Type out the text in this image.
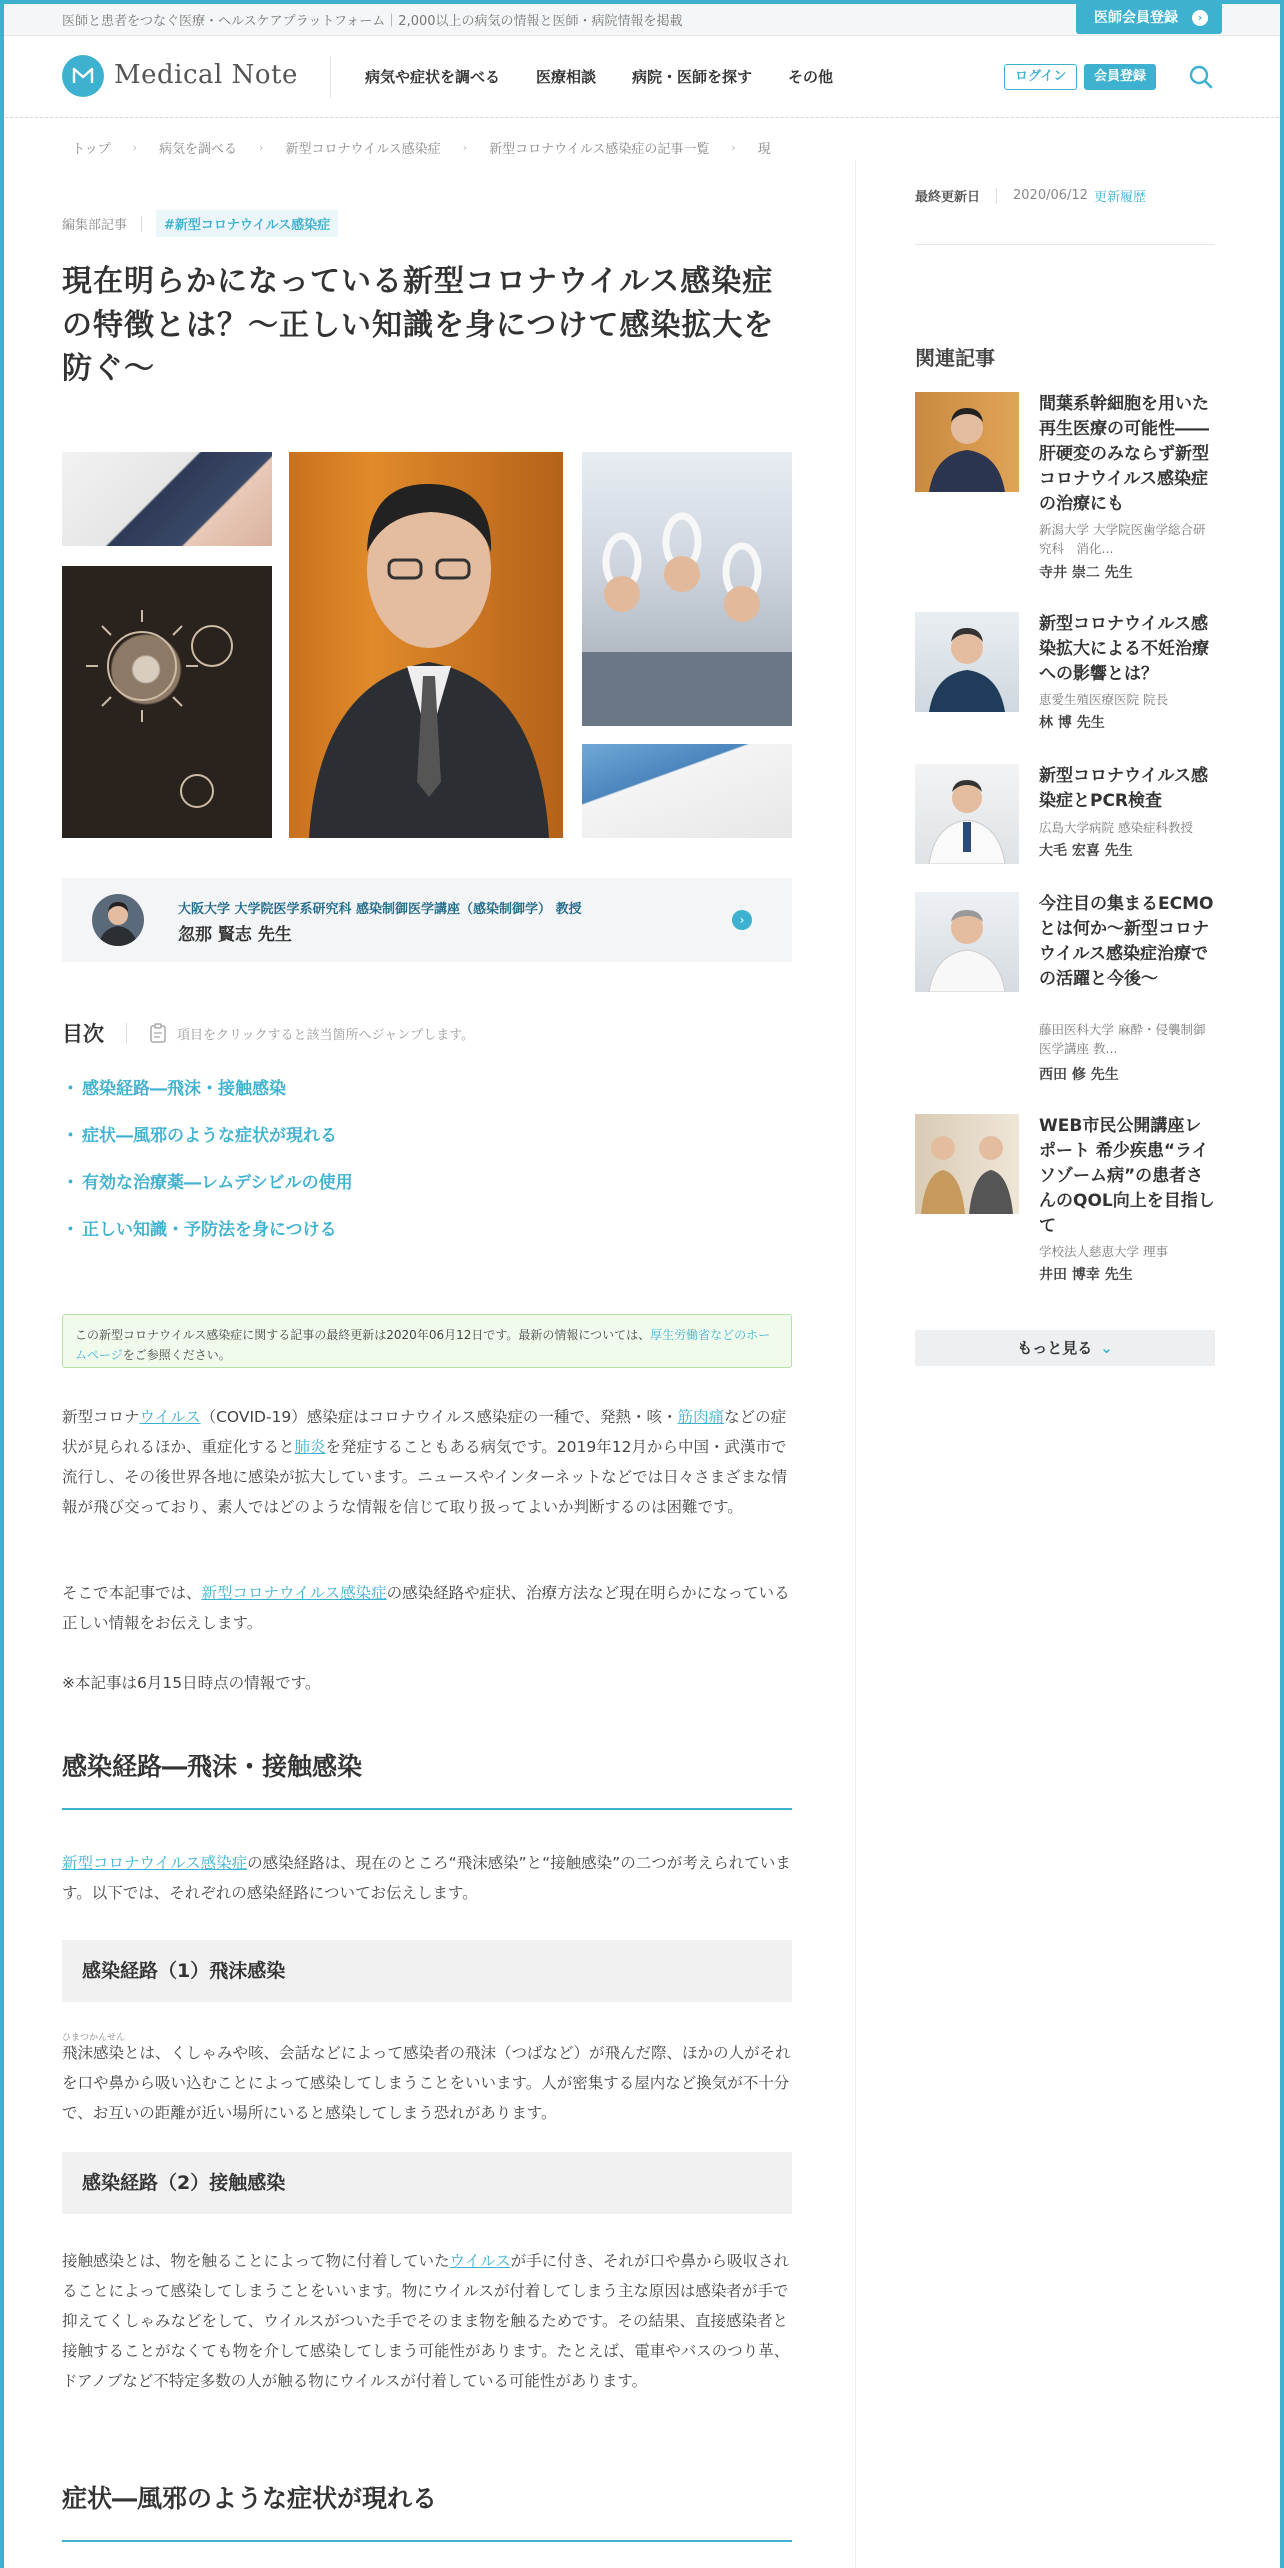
医師と患者をつなぐ医療・ヘルスケアプラットフォーム｜2,000以上の病気の情報と医師・病院情報を掲載	医師会員登録	›
Medical Note	病気や症状を調べる 医療相談 病院・医師を探す その他	ログイン	会員登録
トップ › 病気を調べる › 新型コロナウイルス感染症 › 新型コロナウイルス感染症の記事一覧 › 現
編集部記事	#新型コロナウイルス感染症
現在明らかになっている新型コロナウイルス感染症の特徴とは？〜正しい知識を身につけて感染拡大を防ぐ〜
大阪大学 大学院医学系研究科 感染制御医学講座（感染制御学） 教授
忽那 賢志 先生
›
目次	項目をクリックすると該当箇所へジャンプします。
・ 感染経路―飛沫・接触感染
・ 症状―風邪のような症状が現れる
・ 有効な治療薬―レムデシビルの使用
・ 正しい知識・予防法を身につける
この新型コロナウイルス感染症に関する記事の最終更新は2020年06月12日です。最新の情報については、厚生労働省などのホームページをご参照ください。

新型コロナウイルス（COVID-19）感染症はコロナウイルス感染症の一種で、発熱・咳・筋肉痛などの症状が見られるほか、重症化すると肺炎を発症することもある病気です。2019年12月から中国・武漢市で流行し、その後世界各地に感染が拡大しています。ニュースやインターネットなどでは日々さまざまな情報が飛び交っており、素人ではどのような情報を信じて取り扱ってよいか判断するのは困難です。

そこで本記事では、新型コロナウイルス感染症の感染経路や症状、治療方法など現在明らかになっている正しい情報をお伝えします。

※本記事は6月15日時点の情報です。

感染経路―飛沫・接触感染

新型コロナウイルス感染症の感染経路は、現在のところ“飛沫感染”と“接触感染”の二つが考えられています。以下では、それぞれの感染経路についてお伝えします。

感染経路（1）飛沫感染
ひまつかんせん

飛沫感染とは、くしゃみや咳、会話などによって感染者の飛沫（つばなど）が飛んだ際、ほかの人がそれを口や鼻から吸い込むことによって感染してしまうことをいいます。人が密集する屋内など換気が不十分で、お互いの距離が近い場所にいると感染してしまう恐れがあります。

感染経路（2）接触感染

接触感染とは、物を触ることによって物に付着していたウイルスが手に付き、それが口や鼻から吸収されることによって感染してしまうことをいいます。物にウイルスが付着してしまう主な原因は感染者が手で抑えてくしゃみなどをして、ウイルスがついた手でそのまま物を触るためです。その結果、直接感染者と接触することがなくても物を介して感染してしまう可能性があります。たとえば、電車やバスのつり革、ドアノブなど不特定多数の人が触る物にウイルスが付着している可能性があります。

症状―風邪のような症状が現れる
最終更新日	2020/06/12 更新履歴
関連記事
間葉系幹細胞を用いた再生医療の可能性――肝硬変のみならず新型コロナウイルス感染症の治療にも
新潟大学 大学院医歯学総合研究科　消化...
寺井 崇二 先生
新型コロナウイルス感染拡大による不妊治療への影響とは？
恵愛生殖医療医院 院長
林 博 先生
新型コロナウイルス感染症とPCR検査
広島大学病院 感染症科教授
大毛 宏喜 先生
今注目の集まるECMOとは何か〜新型コロナウイルス感染症治療での活躍と今後〜
藤田医科大学 麻酔・侵襲制御医学講座 教...
西田 修 先生
WEB市民公開講座レポート 希少疾患“ライソゾーム病”の患者さんのQOL向上を目指して
学校法人慈恵大学 理事
井田 博幸 先生
もっと見る ⌄
